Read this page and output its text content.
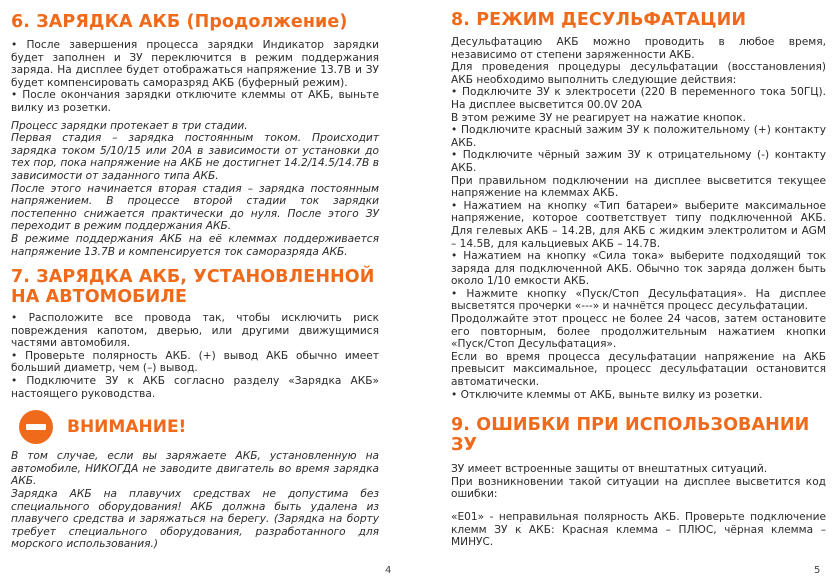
6. ЗАРЯДКА АКБ (Продолжение)

• После завершения процесса зарядки Индикатор зарядки будет заполнен и ЗУ переключится в режим поддержания заряда. На дисплее будет отображаться напряжение 13.7В и ЗУ будет компенсировать саморазряд АКБ (буферный режим).

• После окончания зарядки отключите клеммы от АКБ, выньте вилку из розетки.

Процесс зарядки протекает в три стадии.

Первая стадия – зарядка постоянным током. Происходит зарядка током 5/10/15 или 20А в зависимости от установки до тех пор, пока напряжение на АКБ не достигнет 14.2/14.5/14.7В в зависимости от заданного типа АКБ.

После этого начинается вторая стадия – зарядка постоянным напряжением. В процессе второй стадии ток зарядки постепенно снижается практически до нуля. После этого ЗУ переходит в режим поддержания АКБ.

В режиме поддержания АКБ на её клеммах поддерживается напряжение 13.7В и компенсируется ток саморазряда АКБ.

7. ЗАРЯДКА АКБ, УСТАНОВЛЕННОЙ
НА АВТОМОБИЛЕ

• Расположите все провода так, чтобы исключить риск повреждения капотом, дверью, или другими движущимися частями автомобиля.

• Проверьте полярность АКБ. (+) вывод АКБ обычно имеет больший диаметр, чем (–) вывод.

• Подключите ЗУ к АКБ согласно разделу «Зарядка АКБ» настоящего руководства.

ВНИМАНИЕ!

В том случае, если вы заряжаете АКБ, установленную на автомобиле, НИКОГДА не заводите двигатель во время зарядка АКБ.

Зарядка АКБ на плавучих средствах не допустима без специального оборудования! АКБ должна быть удалена из плавучего средства и заряжаться на берегу. (Зарядка на борту требует специального оборудования, разработанного для морского использования.)

4
8. РЕЖИМ ДЕСУЛЬФАТАЦИИ

Десульфатацию АКБ можно проводить в любое время, независимо от степени заряженности АКБ.

Для проведения процедуры десульфатации (восстановления) АКБ необходимо выполнить следующие действия:

• Подключите ЗУ к электросети (220 В переменного тока 50ГЦ). На дисплее высветится 00.0V 20А

В этом режиме ЗУ не реагирует на нажатие кнопок.

• Подключите красный зажим ЗУ к положительному (+) контакту АКБ.

• Подключите чёрный зажим ЗУ к отрицательному (-) контакту АКБ.

При правильном подключении на дисплее высветится текущее напряжение на клеммах АКБ.

• Нажатием на кнопку «Тип батареи» выберите максимальное напряжение, которое соответствует типу подключенной АКБ. Для гелевых АКБ – 14.2В, для АКБ с жидким электролитом и AGM – 14.5В, для кальциевых АКБ – 14.7В.

• Нажатием на кнопку «Сила тока» выберите подходящий ток заряда для подключенной АКБ. Обычно ток заряда должен быть около 1/10 емкости АКБ.

• Нажмите кнопку «Пуск/Стоп Десульфатация». На дисплее высветятся прочерки «---» и начнётся процесс десульфатации.

Продолжайте этот процесс не более 24 часов, затем остановите его повторным, более продолжительным нажатием кнопки «Пуск/Стоп Десульфатация».

Если во время процесса десульфатации напряжение на АКБ превысит максимальное, процесс десульфатации остановится автоматически.

• Отключите клеммы от АКБ, выньте вилку из розетки.

9. ОШИБКИ ПРИ ИСПОЛЬЗОВАНИИ ЗУ

ЗУ имеет встроенные защиты от внештатных ситуаций.

При возникновении такой ситуации на дисплее высветится код ошибки:

«Е01» - неправильная полярность АКБ. Проверьте подключение клемм ЗУ к АКБ: Красная клемма – ПЛЮС, чёрная клемма – МИНУС.

5
